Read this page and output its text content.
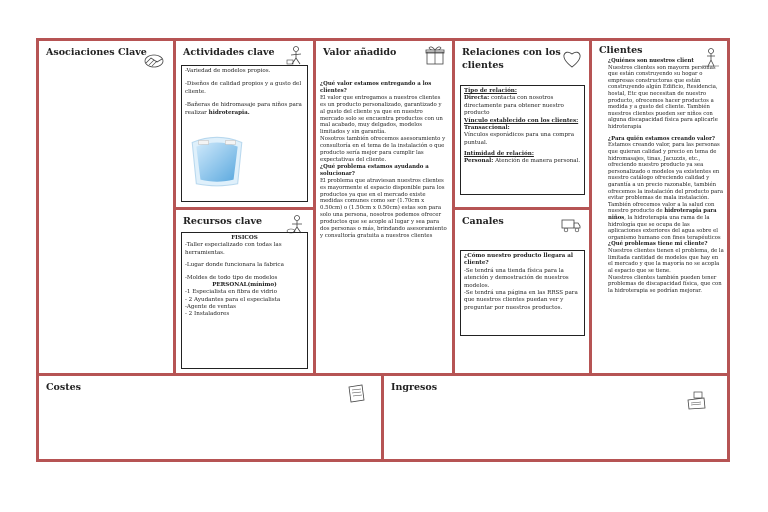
Asociaciones Clave	Actividades clave

-Variedad de modelos propios.

-Diseños de calidad propios y a gusto del cliente.

-Bañeras de hidromasaje para niños para realizar hidroterapia.

Recursos clave
FISICOS
-Taller especializado con todas las herramientas.
-Lugar donde funcionara la fabrica
-Moldes de todo tipo de modelos
PERSONAL(mínimo)
-1 Especialista en fibra de vidrio
- 2 Ayudantes para el especialista
-Agente de ventas
- 2 Instaladores
Valor añadido
¿Qué valor estamos entregando a los clientes?
El valor que entregamos a nuestros clientes es un producto personalizado, garantizado y al gusto del cliente ya que en nuestro mercado solo se encuentra productos con un mal acabado, muy delgados, modelos limitados y sin garantía.
Nosotros también ofrecemos asesoramiento y consultoría en el tema de la instalación o que producto sería mejor para cumplir las expectativas del cliente.
¿Qué problema estamos ayudando a solucionar?
El problema que atraviesan nuestros clientes es mayormente el espacio disponible para los productos ya que en el mercado existe medidas comunes como ser (1.70cm x 0.50cm) o (1.50cm x 0.50cm) estas son para solo una persona, nosotros podemos ofrecer productos que se acople al lugar y sea para dos personas o más, brindando asesoramiento y consultoría gratuita a nuestros clientes
Relaciones con los clientes
Tipo de relación:
Directa: contacta con nosotros directamente para obtener nuestro producto
Vínculo establecido con los clientes:
Transaccional:
Vínculos esporádicos para una compra puntual.
Intimidad de relación:
Personal: Atención de manera personal.
Canales
¿Cómo nuestro producto llegara al cliente?
-Se tendrá una tienda física para la atención y demostración de nuestros modelos.
-Se tendrá una página en las RRSS para que nuestros clientes puedan ver y preguntar por nuestros productos.
Clientes
¿Quiénes son nuestros client
Nuestros clientes son mayorm personas que están construyendo su hogar o empresas constructoras que están construyendo algún Edificio, Residencia, hostal, Etc que necesitan de nuestro producto, ofrecemos hacer productos a medida y a gusto del cliente. También nuestros clientes pueden ser niños con alguna discapacidad física para aplicarle hidroterapia
¿Para quién estamos creando valor?
Estamos creando valor, para las personas que quieran calidad y precio en tema de hidromasajes, tinas, Jacuzzis, etc., ofreciendo nuestro producto ya sea personalizado o modelos ya existentes en nuestro catálogo ofreciendo calidad y garantía a un precio razonable, también ofrecemos la instalación del producto para evitar problemas de mala instalación.
También ofrecemos valor a la salud con nuestro producto de hidroterapia para niños, la hidroterapia una rama de la hidrología que se ocupa de las aplicaciones exteriores del agua sobre el organismo humano con fines terapéuticos
¿Qué problemas tiene mi cliente?
Nuestros clientes tienen el problema, de la limitada cantidad de modelos que hay en el mercado y que la mayoría no se acopla al espacio que se tiene.
Nuestros clientes también pueden tener problemas de discapacidad física, que con la hidroterapia se podrían mejorar.
Costes	Ingresos
